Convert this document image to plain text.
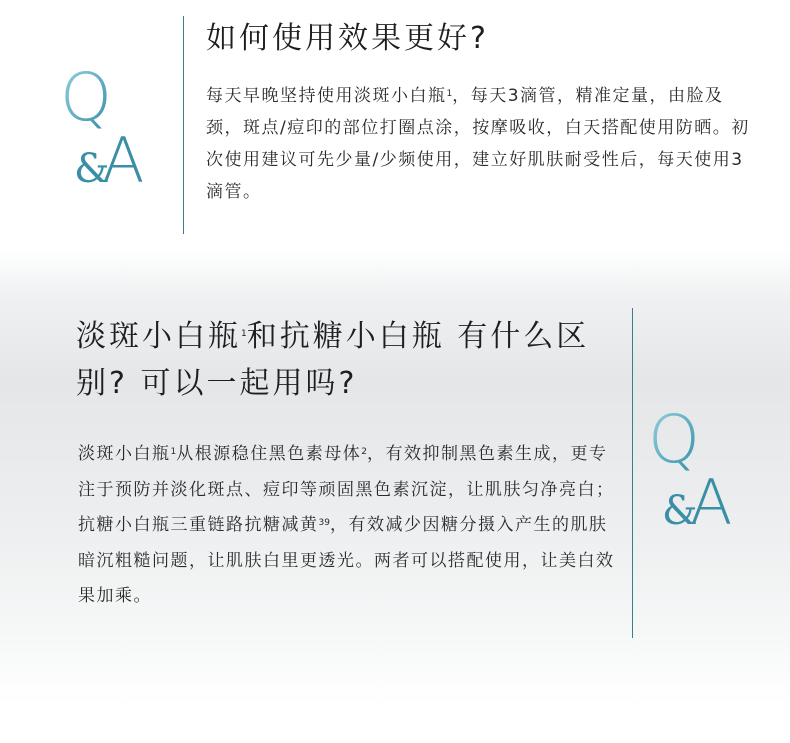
Q
&
A
如何使用效果更好?

每天早晚坚持使用淡斑小白瓶$^1$，每天3滴管，精准定量，由脸及颈，斑点/痘印的部位打圈点涂，按摩吸收，白天搭配使用防晒。初次使用建议可先少量/少频使用，建立好肌肤耐受性后，每天使用3滴管。

淡斑小白瓶$^1$和抗糖小白瓶 有什么区别? 可以一起用吗?

淡斑小白瓶$^1$从根源稳住黑色素母体$^2$，有效抑制黑色素生成，更专注于预防并淡化斑点、痘印等顽固黑色素沉淀，让肌肤匀净亮白；抗糖小白瓶三重链路抗糖减黄$^{39}$，有效减少因糖分摄入产生的肌肤暗沉粗糙问题，让肌肤白里更透光。两者可以搭配使用，让美白效果加乘。

Q
&
A
